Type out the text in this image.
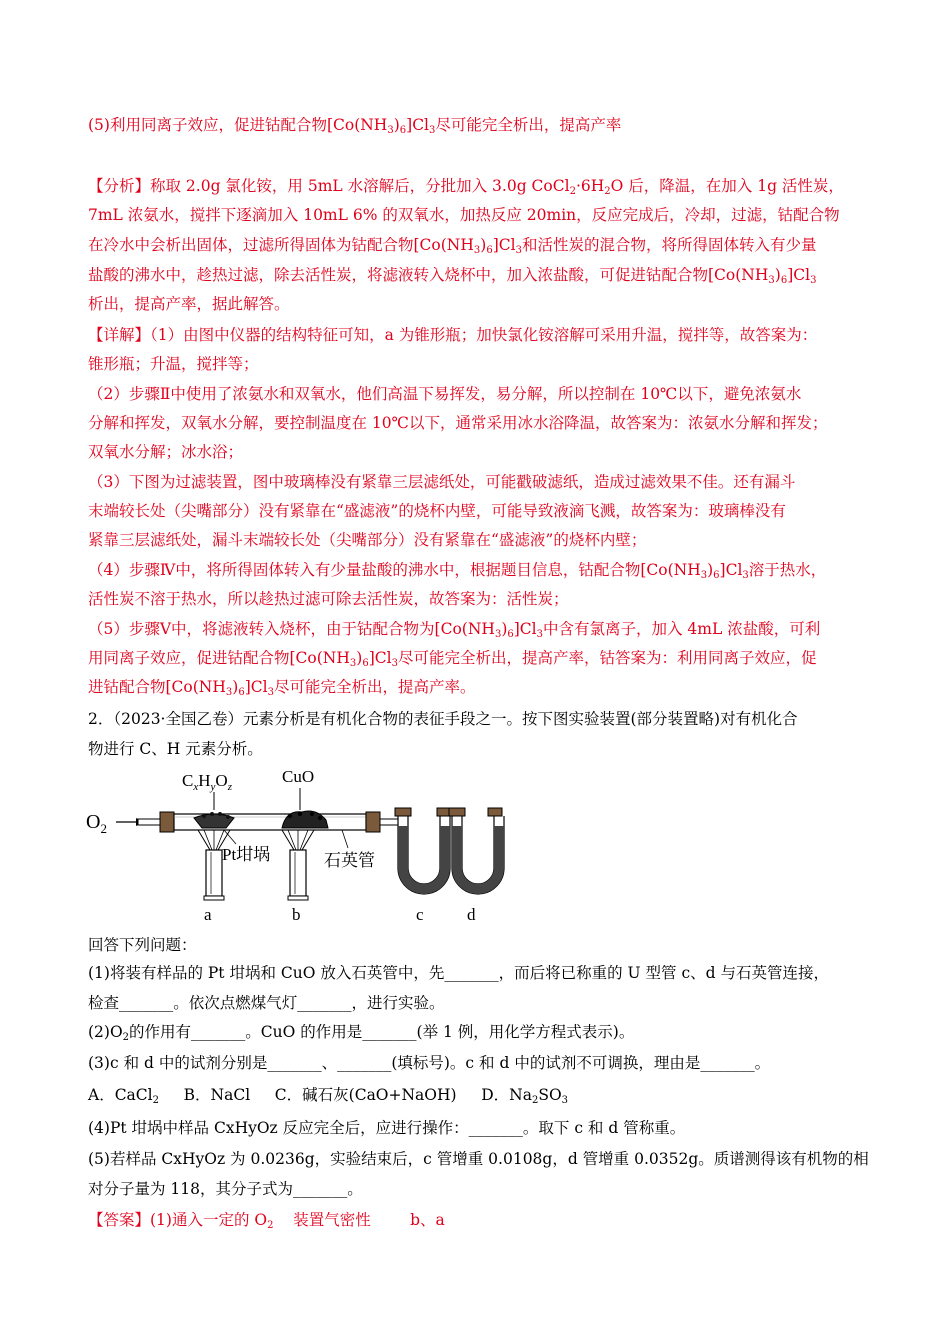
(5)利用同离子效应，促进钴配合物$[Co(NH_3)_6]Cl_3$尽可能完全析出，提高产率
【分析】称取 2.0g 氯化铵，用 5mL 水溶解后，分批加入 3.0g $CoCl_2\cdot 6H_2O$ 后，降温，在加入 1g 活性炭，
7mL 浓氨水，搅拌下逐滴加入 10mL 6% 的双氧水，加热反应 20min，反应完成后，冷却，过滤，钴配合物
在冷水中会析出固体，过滤所得固体为钴配合物$[Co(NH_3)_6]Cl_3$和活性炭的混合物，将所得固体转入有少量
盐酸的沸水中，趁热过滤，除去活性炭，将滤液转入烧杯中，加入浓盐酸，可促进钴配合物$[Co(NH_3)_6]Cl_3$
析出，提高产率，据此解答。
【详解】（1）由图中仪器的结构特征可知，a 为锥形瓶；加快氯化铵溶解可采用升温，搅拌等，故答案为：
锥形瓶；升温，搅拌等；
（2）步骤Ⅱ中使用了浓氨水和双氧水，他们高温下易挥发，易分解，所以控制在 10℃以下，避免浓氨水
分解和挥发，双氧水分解，要控制温度在 10℃以下，通常采用冰水浴降温，故答案为：浓氨水分解和挥发；
双氧水分解；冰水浴；
（3）下图为过滤装置，图中玻璃棒没有紧靠三层滤纸处，可能戳破滤纸，造成过滤效果不佳。还有漏斗
末端较长处（尖嘴部分）没有紧靠在“盛滤液”的烧杯内壁，可能导致液滴飞溅，故答案为：玻璃棒没有
紧靠三层滤纸处，漏斗末端较长处（尖嘴部分）没有紧靠在“盛滤液”的烧杯内壁；
（4）步骤Ⅳ中，将所得固体转入有少量盐酸的沸水中，根据题目信息，钴配合物$[Co(NH_3)_6]Cl_3$溶于热水，
活性炭不溶于热水，所以趁热过滤可除去活性炭，故答案为：活性炭；
（5）步骤Ⅴ中，将滤液转入烧杯，由于钴配合物为$[Co(NH_3)_6]Cl_3$中含有氯离子，加入 4mL 浓盐酸，可利
用同离子效应，促进钴配合物$[Co(NH_3)_6]Cl_3$尽可能完全析出，提高产率，钴答案为：利用同离子效应，促
进钴配合物$[Co(NH_3)_6]Cl_3$尽可能完全析出，提高产率。
2．（2023·全国乙卷）元素分析是有机化合物的表征手段之一。按下图实验装置(部分装置略)对有机化合
物进行 C、H 元素分析。
$O_2$
$C_xH_yO_z$
CuO
Pt坩埚	石英管
a	b	c	d
回答下列问题：
(1)将装有样品的 Pt 坩埚和 CuO 放入石英管中，先_______，而后将已称重的 U 型管 c、d 与石英管连接，
检查_______。依次点燃煤气灯_______，进行实验。
$(2)O_2$的作用有_______。CuO 的作用是_______(举 1 例，用化学方程式表示)。
(3)c 和 d 中的试剂分别是_______、_______(填标号)。c 和 d 中的试剂不可调换，理由是_______。
A．CaCl$_2$ B．NaCl C．碱石灰(CaO+NaOH) D．$Na_2SO_3$
(4)Pt 坩埚中样品 CxHyOz 反应完全后，应进行操作：_______。取下 c 和 d 管称重。
(5)若样品 CxHyOz 为 0.0236g，实验结束后，c 管增重 0.0108g，d 管增重 0.0352g。质谱测得该有机物的相
对分子量为 118，其分子式为_______。
【答案】(1)通入一定的 $O_2$ 装置气密性	b、a
